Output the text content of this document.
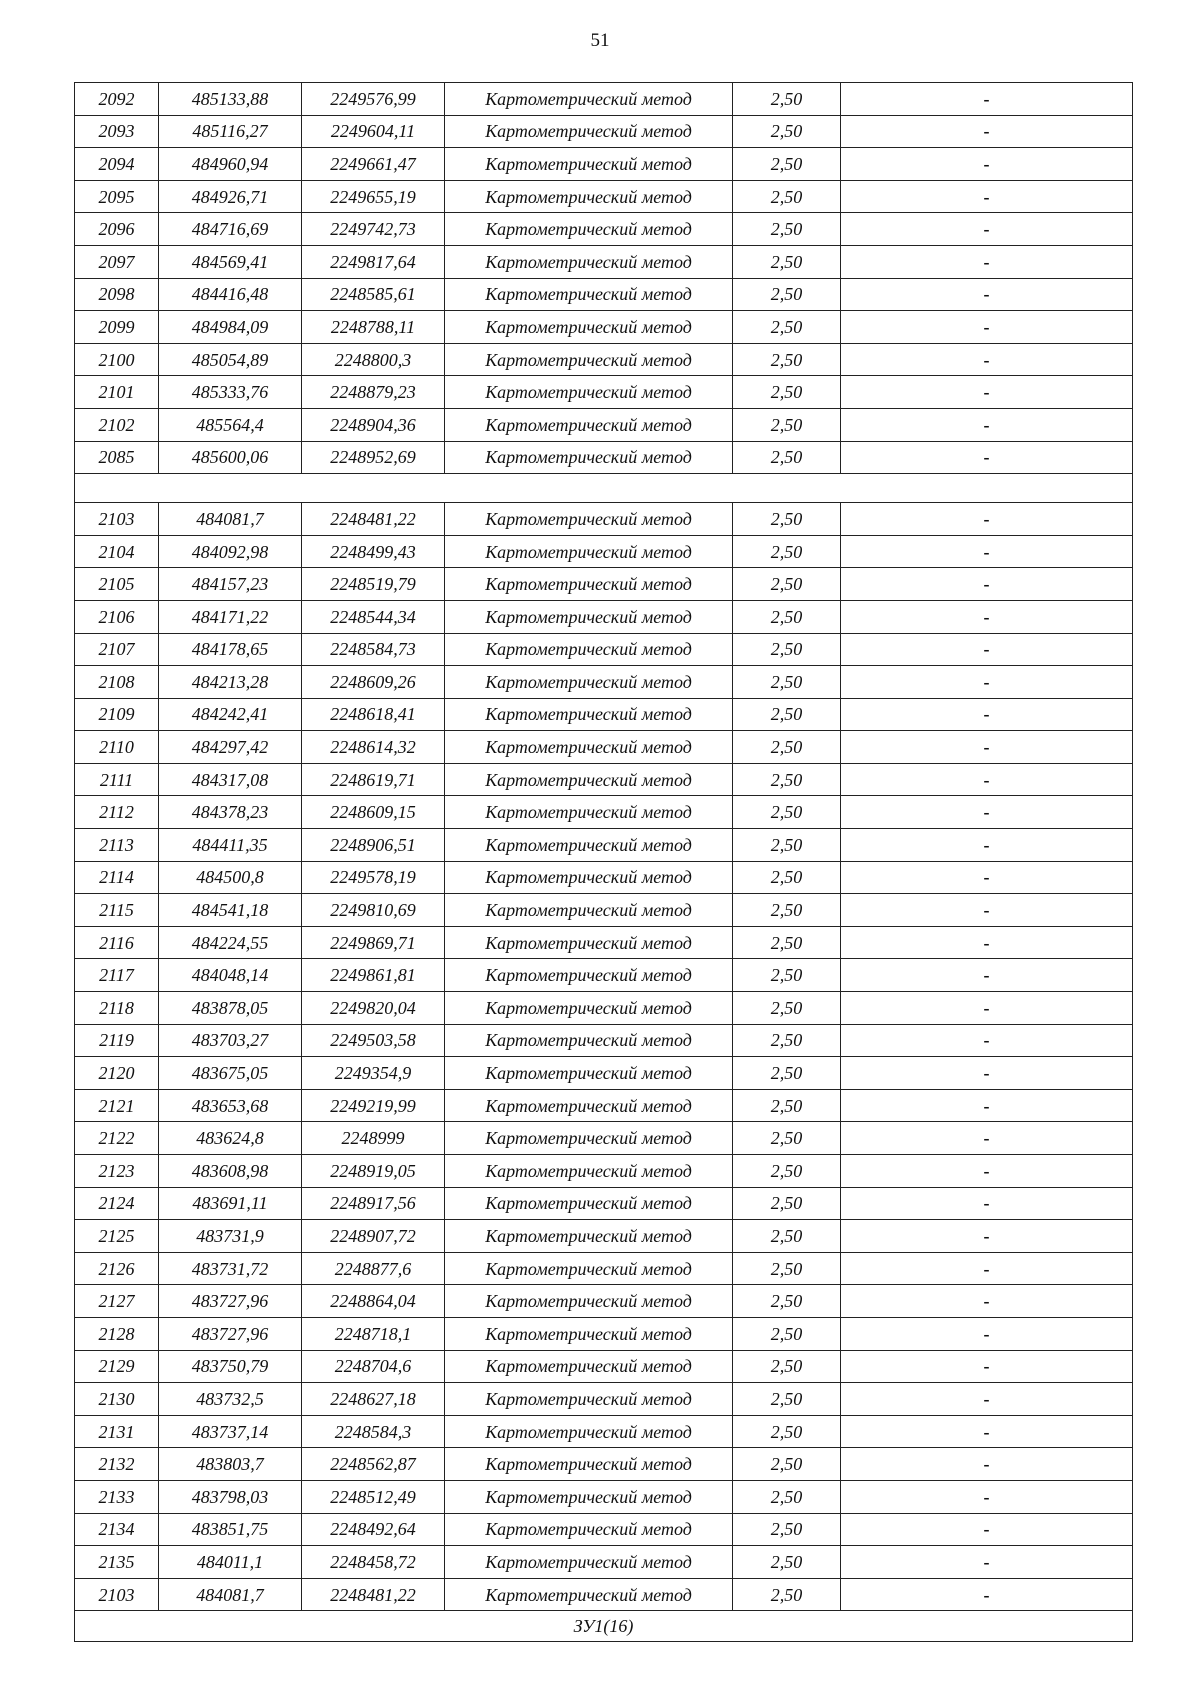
51
2092	485133,88	2249576,99	Картометрический метод	2,50	-
2093	485116,27	2249604,11	Картометрический метод	2,50	-
2094	484960,94	2249661,47	Картометрический метод	2,50	-
2095	484926,71	2249655,19	Картометрический метод	2,50	-
2096	484716,69	2249742,73	Картометрический метод	2,50	-
2097	484569,41	2249817,64	Картометрический метод	2,50	-
2098	484416,48	2248585,61	Картометрический метод	2,50	-
2099	484984,09	2248788,11	Картометрический метод	2,50	-
2100	485054,89	2248800,3	Картометрический метод	2,50	-
2101	485333,76	2248879,23	Картометрический метод	2,50	-
2102	485564,4	2248904,36	Картометрический метод	2,50	-
2085	485600,06	2248952,69	Картометрический метод	2,50	-

2103	484081,7	2248481,22	Картометрический метод	2,50	-
2104	484092,98	2248499,43	Картометрический метод	2,50	-
2105	484157,23	2248519,79	Картометрический метод	2,50	-
2106	484171,22	2248544,34	Картометрический метод	2,50	-
2107	484178,65	2248584,73	Картометрический метод	2,50	-
2108	484213,28	2248609,26	Картометрический метод	2,50	-
2109	484242,41	2248618,41	Картометрический метод	2,50	-
2110	484297,42	2248614,32	Картометрический метод	2,50	-
2111	484317,08	2248619,71	Картометрический метод	2,50	-
2112	484378,23	2248609,15	Картометрический метод	2,50	-
2113	484411,35	2248906,51	Картометрический метод	2,50	-
2114	484500,8	2249578,19	Картометрический метод	2,50	-
2115	484541,18	2249810,69	Картометрический метод	2,50	-
2116	484224,55	2249869,71	Картометрический метод	2,50	-
2117	484048,14	2249861,81	Картометрический метод	2,50	-
2118	483878,05	2249820,04	Картометрический метод	2,50	-
2119	483703,27	2249503,58	Картометрический метод	2,50	-
2120	483675,05	2249354,9	Картометрический метод	2,50	-
2121	483653,68	2249219,99	Картометрический метод	2,50	-
2122	483624,8	2248999	Картометрический метод	2,50	-
2123	483608,98	2248919,05	Картометрический метод	2,50	-
2124	483691,11	2248917,56	Картометрический метод	2,50	-
2125	483731,9	2248907,72	Картометрический метод	2,50	-
2126	483731,72	2248877,6	Картометрический метод	2,50	-
2127	483727,96	2248864,04	Картометрический метод	2,50	-
2128	483727,96	2248718,1	Картометрический метод	2,50	-
2129	483750,79	2248704,6	Картометрический метод	2,50	-
2130	483732,5	2248627,18	Картометрический метод	2,50	-
2131	483737,14	2248584,3	Картометрический метод	2,50	-
2132	483803,7	2248562,87	Картометрический метод	2,50	-
2133	483798,03	2248512,49	Картометрический метод	2,50	-
2134	483851,75	2248492,64	Картометрический метод	2,50	-
2135	484011,1	2248458,72	Картометрический метод	2,50	-
2103	484081,7	2248481,22	Картометрический метод	2,50	-
ЗУ1(16)					
